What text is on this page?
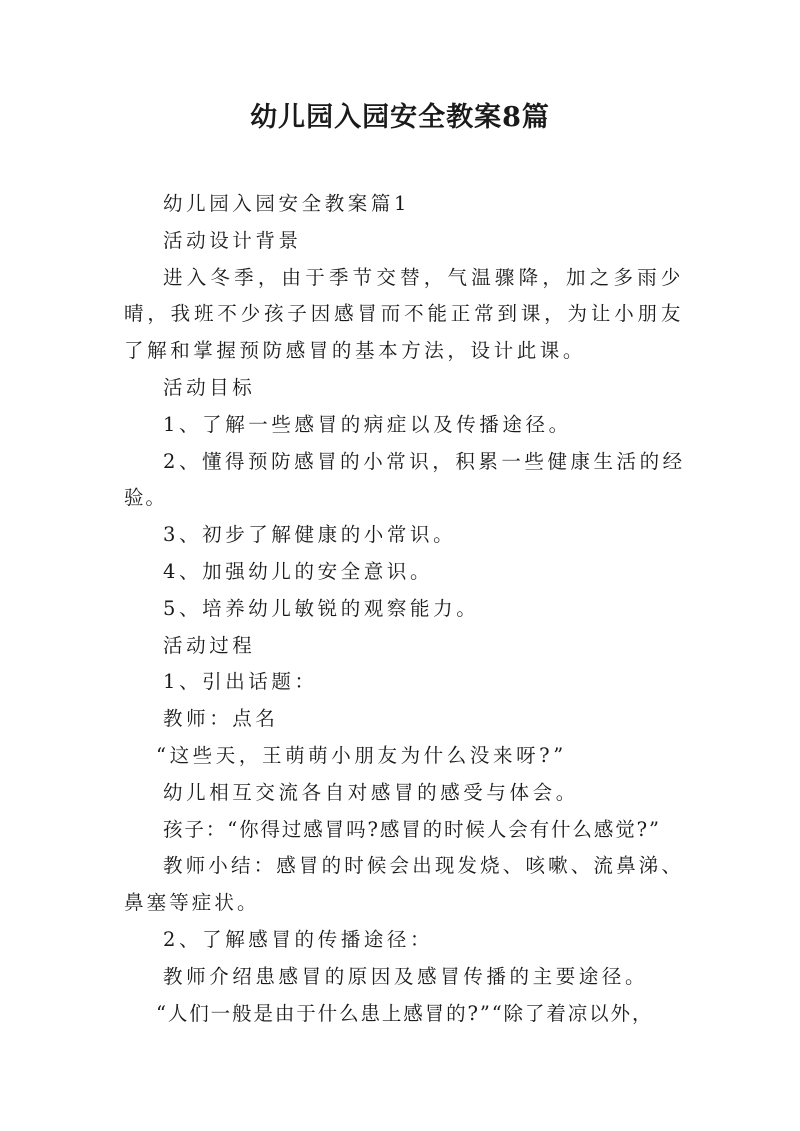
幼儿园入园安全教案8篇

幼儿园入园安全教案篇1

活动设计背景

进入冬季，由于季节交替，气温骤降，加之多雨少晴，我班不少孩子因感冒而不能正常到课，为让小朋友了解和掌握预防感冒的基本方法，设计此课。

活动目标

1、了解一些感冒的病症以及传播途径。

2、懂得预防感冒的小常识，积累一些健康生活的经验。

3、初步了解健康的小常识。

4、加强幼儿的安全意识。

5、培养幼儿敏锐的观察能力。

活动过程

1、引出话题：

教师：点名

“这些天，王萌萌小朋友为什么没来呀?”

幼儿相互交流各自对感冒的感受与体会。

孩子：“你得过感冒吗?感冒的时候人会有什么感觉?”

教师小结：感冒的时候会出现发烧、咳嗽、流鼻涕、鼻塞等症状。

2、了解感冒的传播途径：

教师介绍患感冒的原因及感冒传播的主要途径。

“人们一般是由于什么患上感冒的?”“除了着凉以外，
